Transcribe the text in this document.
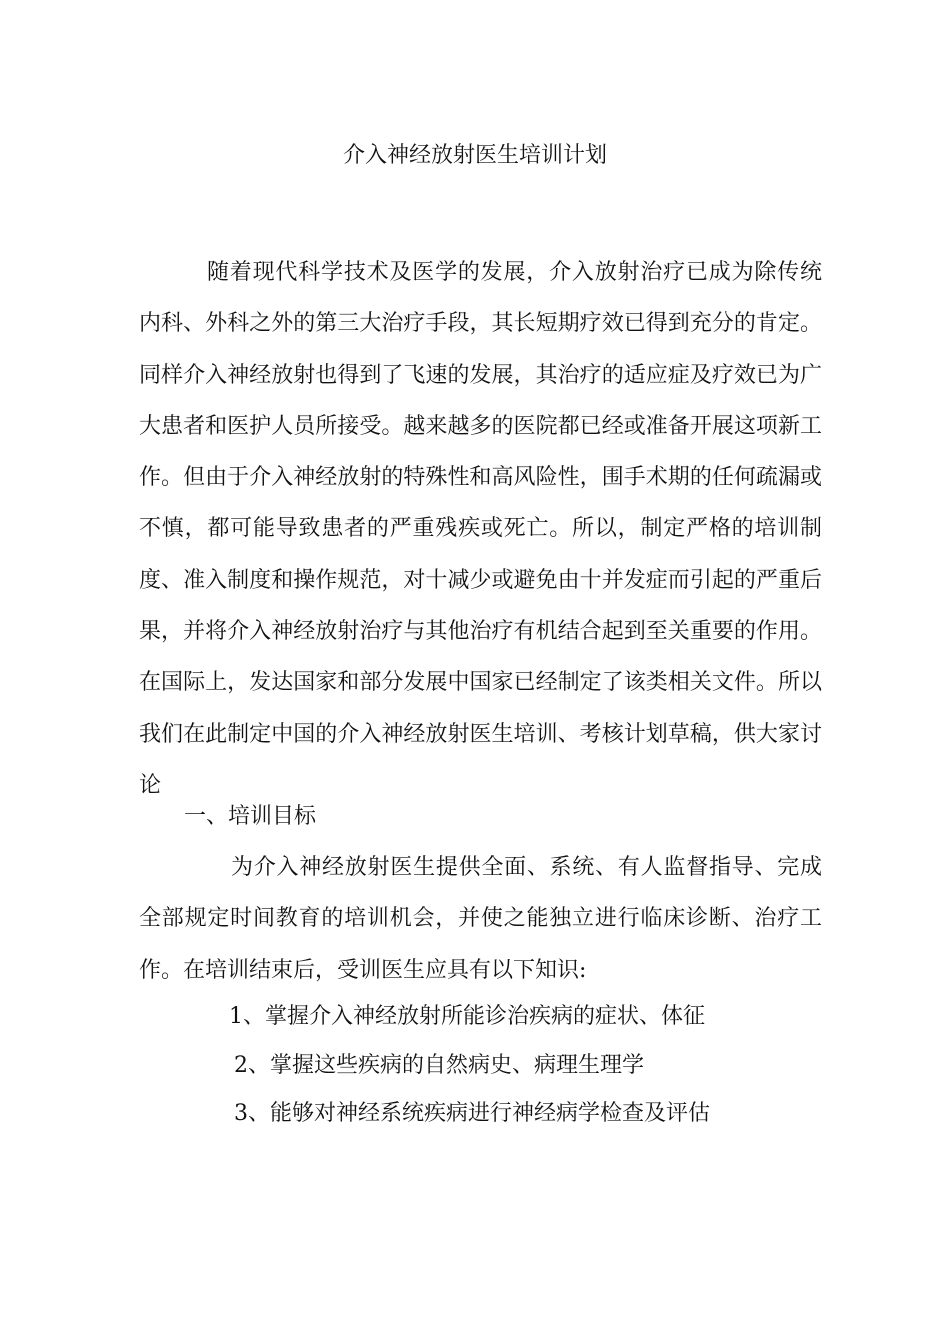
介入神经放射医生培训计划

随着现代科学技术及医学的发展，介入放射治疗已成为除传统内科、外科之外的第三大治疗手段，其长短期疗效已得到充分的肯定。同样介入神经放射也得到了飞速的发展，其治疗的适应症及疗效已为广大患者和医护人员所接受。越来越多的医院都已经或准备开展这项新工作。但由于介入神经放射的特殊性和高风险性，围手术期的任何疏漏或不慎，都可能导致患者的严重残疾或死亡。所以，制定严格的培训制度、准入制度和操作规范，对十减少或避免由十并发症而引起的严重后果，并将介入神经放射治疗与其他治疗有机结合起到至关重要的作用。在国际上，发达国家和部分发展中国家已经制定了该类相关文件。所以我们在此制定中国的介入神经放射医生培训、考核计划草稿，供大家讨论

一、培训目标

为介入神经放射医生提供全面、系统、有人监督指导、完成全部规定时间教育的培训机会，并使之能独立进行临床诊断、治疗工作。在培训结束后，受训医生应具有以下知识:

1、掌握介入神经放射所能诊治疾病的症状、体征

2、掌握这些疾病的自然病史、病理生理学

3、能够对神经系统疾病进行神经病学检查及评估
